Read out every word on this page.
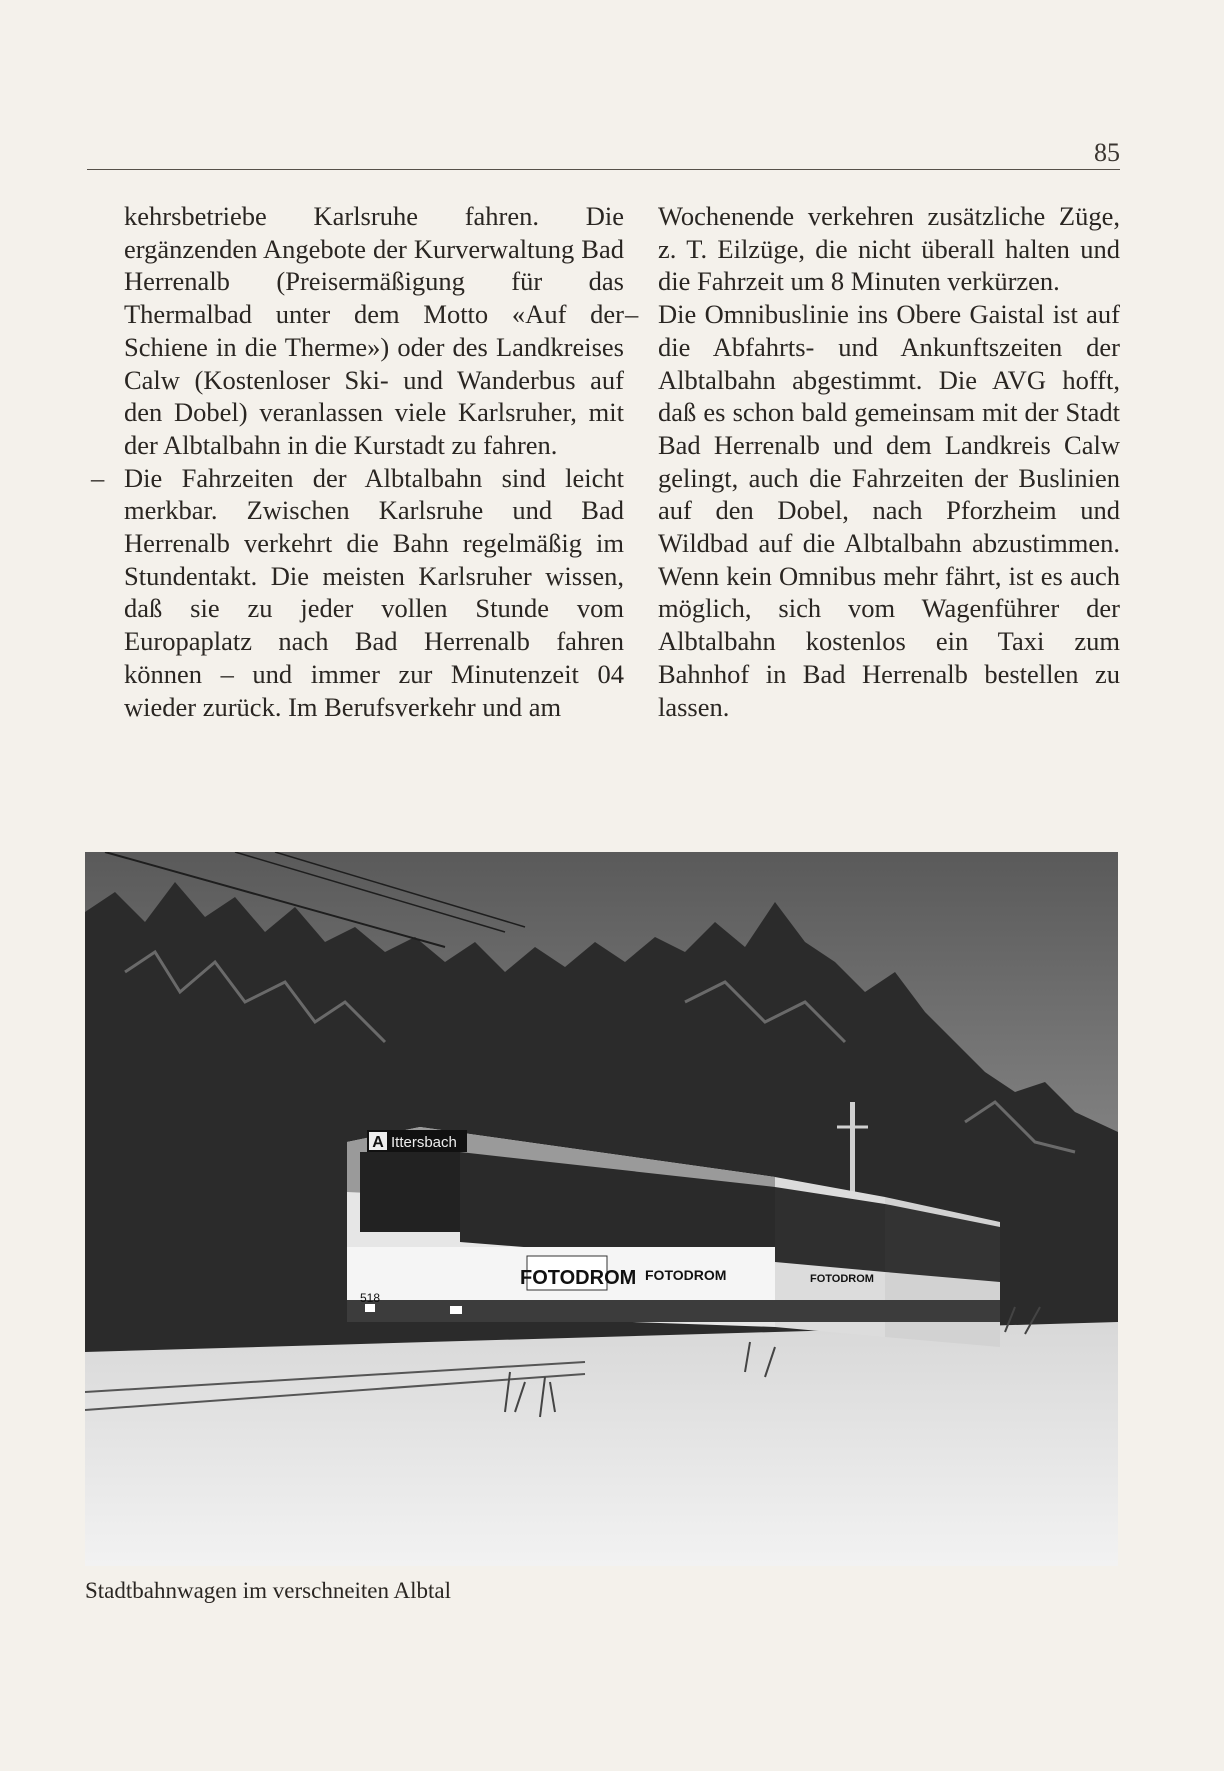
85

kehrsbetriebe Karlsruhe fahren. Die ergänzenden Angebote der Kurverwaltung Bad Herrenalb (Preisermäßigung für das Thermalbad unter dem Motto «Auf der Schiene in die Therme») oder des Landkreises Calw (Kostenloser Ski- und Wanderbus auf den Dobel) veranlassen viele Karlsruher, mit der Albtalbahn in die Kurstadt zu fahren.

– Die Fahrzeiten der Albtalbahn sind leicht merkbar. Zwischen Karlsruhe und Bad Herrenalb verkehrt die Bahn regelmäßig im Stundentakt. Die meisten Karlsruher wissen, daß sie zu jeder vollen Stunde vom Europaplatz nach Bad Herrenalb fahren können – und immer zur Minutenzeit 04 wieder zurück. Im Berufsverkehr und am

Wochenende verkehren zusätzliche Züge, z. T. Eilzüge, die nicht überall halten und die Fahrzeit um 8 Minuten verkürzen.

– Die Omnibuslinie ins Obere Gaistal ist auf die Abfahrts- und Ankunftszeiten der Albtalbahn abgestimmt. Die AVG hofft, daß es schon bald gemeinsam mit der Stadt Bad Herrenalb und dem Landkreis Calw gelingt, auch die Fahrzeiten der Buslinien auf den Dobel, nach Pforzheim und Wildbad auf die Albtalbahn abzustimmen. Wenn kein Omnibus mehr fährt, ist es auch möglich, sich vom Wagenführer der Albtalbahn kostenlos ein Taxi zum Bahnhof in Bad Herrenalb bestellen zu lassen.

A Ittersbach
518
FOTODROM FOTODROM	FOTODROM
Stadtbahnwagen im verschneiten Albtal
